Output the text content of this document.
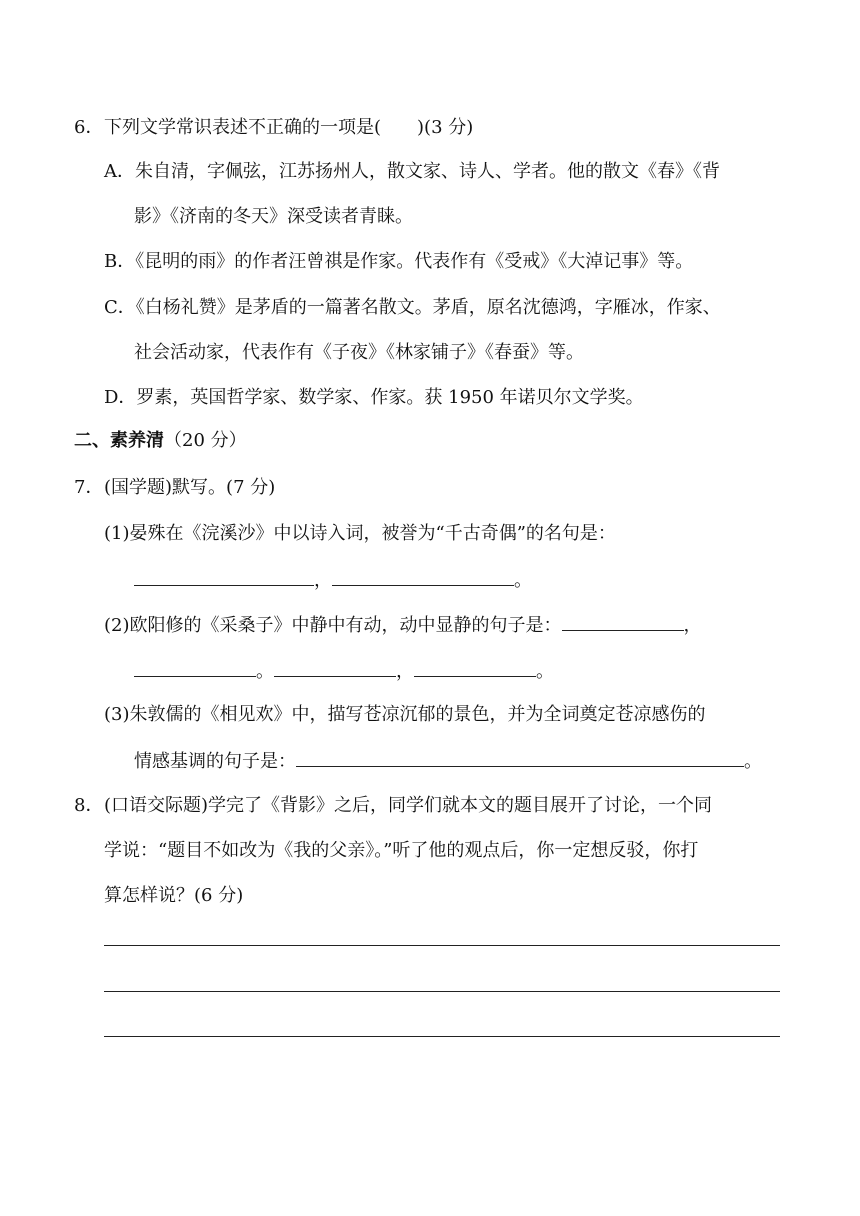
6． 下列文学常识表述不正确的一项是(　　)(3 分)
A．朱自清，字佩弦，江苏扬州人，散文家、诗人、学者。他的散文《春》《背
影》《济南的冬天》深受读者青睐。
B．《昆明的雨》的作者汪曾祺是作家。代表作有《受戒》《大淖记事》等。
C．《白杨礼赞》是茅盾的一篇著名散文。茅盾，原名沈德鸿，字雁冰，作家、
社会活动家，代表作有《子夜》《林家铺子》《春蚕》等。
D．罗素，英国哲学家、数学家、作家。获 1950 年诺贝尔文学奖。
二、素养清 （20 分）
7． (国学题)默写。(7 分)
(1)晏殊在《浣溪沙》中以诗入词，被誉为“千古奇偶”的名句是：
，	。
(2)欧阳修的《采桑子》中静中有动，动中显静的句子是：	，
。	，	。
(3)朱敦儒的《相见欢》中，描写苍凉沉郁的景色，并为全词奠定苍凉感伤的
情感基调的句子是：	。
8． (口语交际题)学完了《背影》之后，同学们就本文的题目展开了讨论，一个同
学说：“题目不如改为《我的父亲》。”听了他的观点后，你一定想反驳，你打
算怎样说？(6 分)
